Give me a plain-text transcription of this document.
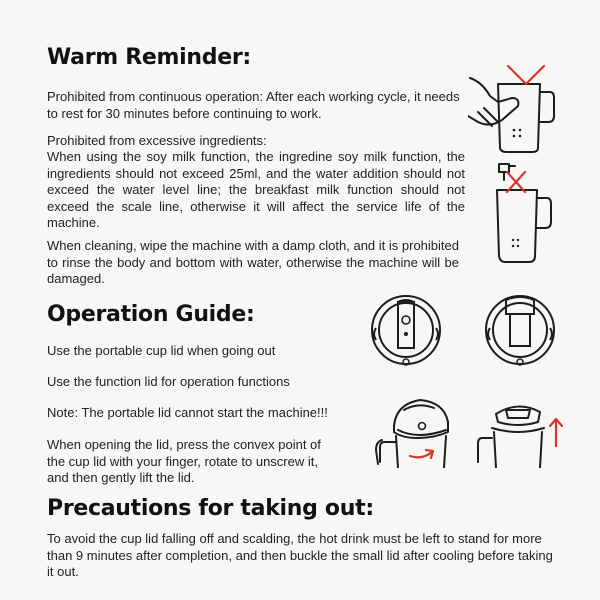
Warm Reminder:

Prohibited from continuous operation: After each working cycle, it needs to rest for 30 minutes before continuing to work.

Prohibited from excessive ingredients:

When using the soy milk function, the ingredine soy milk function, the ingredients should not exceed 25ml, and the water addition should not exceed the water level line; the breakfast milk function should not exceed the scale line, otherwise it will affect the service life of the machine.

When cleaning, wipe the machine with a damp cloth, and it is prohibited to rinse the body and bottom with water, otherwise the machine will be damaged.

Operation Guide:

Use the portable cup lid when going out

Use the function lid for operation functions

Note: The portable lid cannot start the machine!!!

When opening the lid, press the convex point of the cup lid with your finger, rotate to unscrew it, and then gently lift the lid.

Precautions for taking out:

To avoid the cup lid falling off and scalding, the hot drink must be left to stand for more than 9 minutes after completion, and then buckle the small lid after cooling before taking it out.
